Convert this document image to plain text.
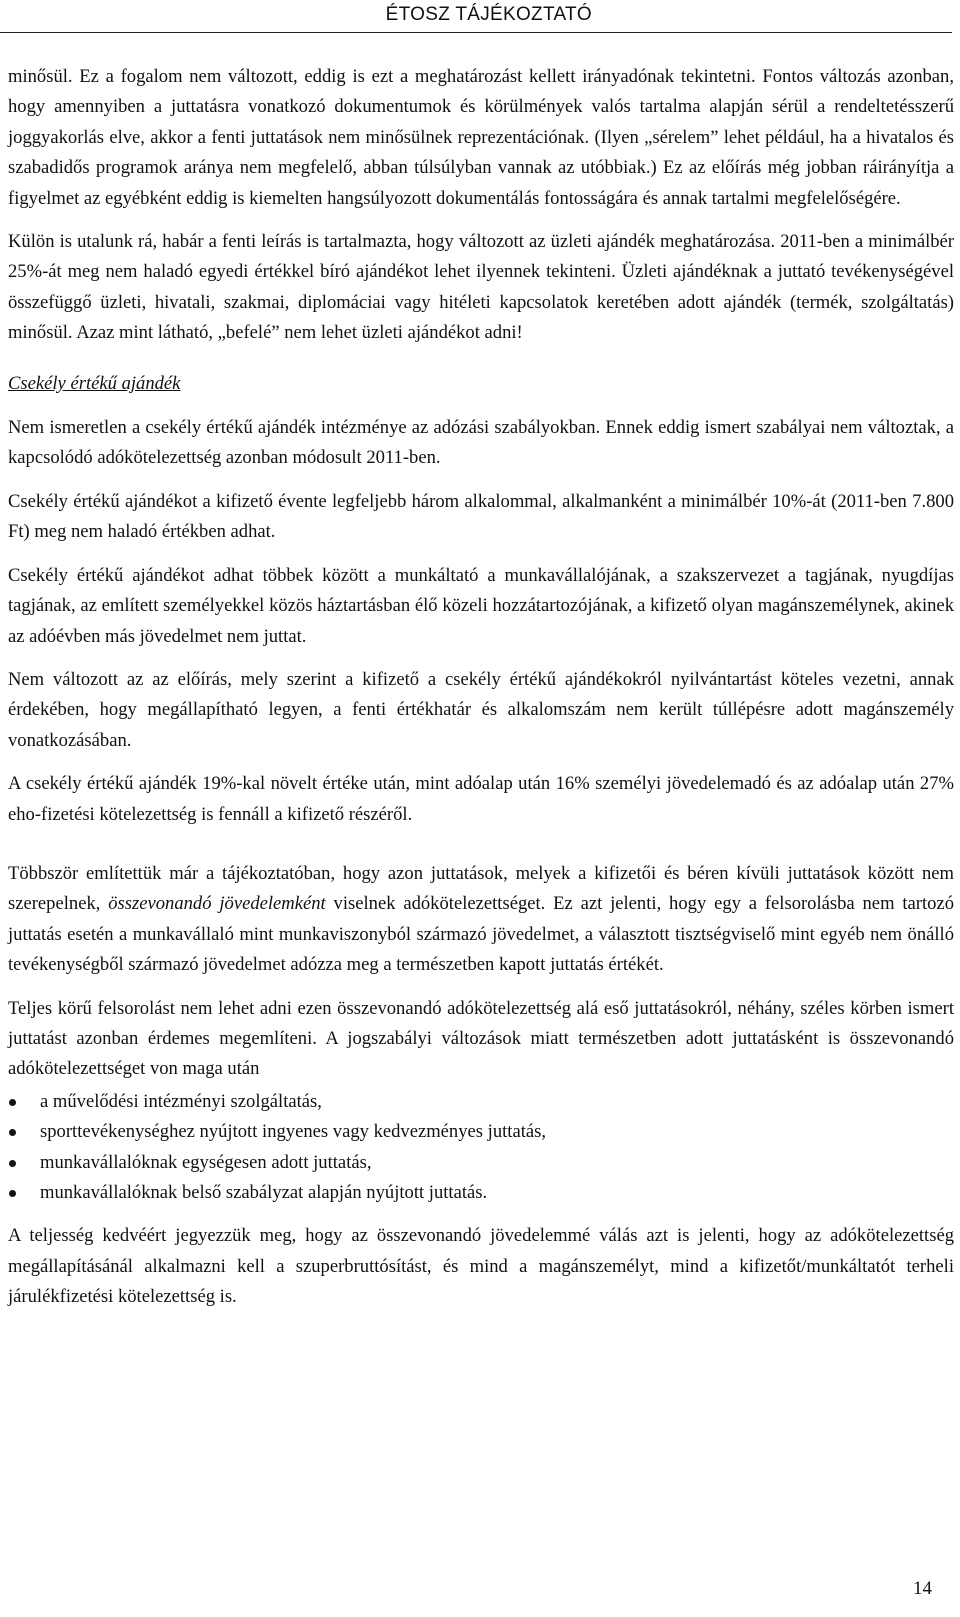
ÉTOSZ TÁJÉKOZTATÓ

minősül. Ez a fogalom nem változott, eddig is ezt a meghatározást kellett irányadónak tekintetni. Fontos változás azonban, hogy amennyiben a juttatásra vonatkozó dokumentumok és körülmények valós tartalma alapján sérül a rendeltetésszerű joggyakorlás elve, akkor a fenti juttatások nem minősülnek reprezentációnak. (Ilyen „sérelem” lehet például, ha a hivatalos és szabadidős programok aránya nem megfelelő, abban túlsúlyban vannak az utóbbiak.) Ez az előírás még jobban ráirányítja a figyelmet az egyébként eddig is kiemelten hangsúlyozott dokumentálás fontosságára és annak tartalmi megfelelőségére.

Külön is utalunk rá, habár a fenti leírás is tartalmazta, hogy változott az üzleti ajándék meghatározása. 2011-ben a minimálbér 25%-át meg nem haladó egyedi értékkel bíró ajándékot lehet ilyennek tekinteni. Üzleti ajándéknak a juttató tevékenységével összefüggő üzleti, hivatali, szakmai, diplomáciai vagy hitéleti kapcsolatok keretében adott ajándék (termék, szolgáltatás) minősül. Azaz mint látható, „befelé” nem lehet üzleti ajándékot adni!

Csekély értékű ajándék

Nem ismeretlen a csekély értékű ajándék intézménye az adózási szabályokban. Ennek eddig ismert szabályai nem változtak, a kapcsolódó adókötelezettség azonban módosult 2011-ben.

Csekély értékű ajándékot a kifizető évente legfeljebb három alkalommal, alkalmanként a minimálbér 10%-át (2011-ben 7.800 Ft) meg nem haladó értékben adhat.

Csekély értékű ajándékot adhat többek között a munkáltató a munkavállalójának, a szakszervezet a tagjának, nyugdíjas tagjának, az említett személyekkel közös háztartásban élő közeli hozzátartozójának, a kifizető olyan magánszemélynek, akinek az adóévben más jövedelmet nem juttat.

Nem változott az az előírás, mely szerint a kifizető a csekély értékű ajándékokról nyilvántartást köteles vezetni, annak érdekében, hogy megállapítható legyen, a fenti értékhatár és alkalomszám nem került túllépésre adott magánszemély vonatkozásában.

A csekély értékű ajándék 19%-kal növelt értéke után, mint adóalap után 16% személyi jövedelemadó és az adóalap után 27% eho-fizetési kötelezettség is fennáll a kifizető részéről.

Többször említettük már a tájékoztatóban, hogy azon juttatások, melyek a kifizetői és béren kívüli juttatások között nem szerepelnek, összevonandó jövedelemként viselnek adókötelezettséget. Ez azt jelenti, hogy egy a felsorolásba nem tartozó juttatás esetén a munkavállaló mint munkaviszonyból származó jövedelmet, a választott tisztségviselő mint egyéb nem önálló tevékenységből származó jövedelmet adózza meg a természetben kapott juttatás értékét.

Teljes körű felsorolást nem lehet adni ezen összevonandó adókötelezettség alá eső juttatásokról, néhány, széles körben ismert juttatást azonban érdemes megemlíteni. A jogszabályi változások miatt természetben adott juttatásként is összevonandó adókötelezettséget von maga után

a művelődési intézményi szolgáltatás,
sporttevékenységhez nyújtott ingyenes vagy kedvezményes juttatás,
munkavállalóknak egységesen adott juttatás,
munkavállalóknak belső szabályzat alapján nyújtott juttatás.

A teljesség kedvéért jegyezzük meg, hogy az összevonandó jövedelemmé válás azt is jelenti, hogy az adókötelezettség megállapításánál alkalmazni kell a szuperbruttósítást, és mind a magánszemélyt, mind a kifizetőt/munkáltatót terheli járulékfizetési kötelezettség is.

14
